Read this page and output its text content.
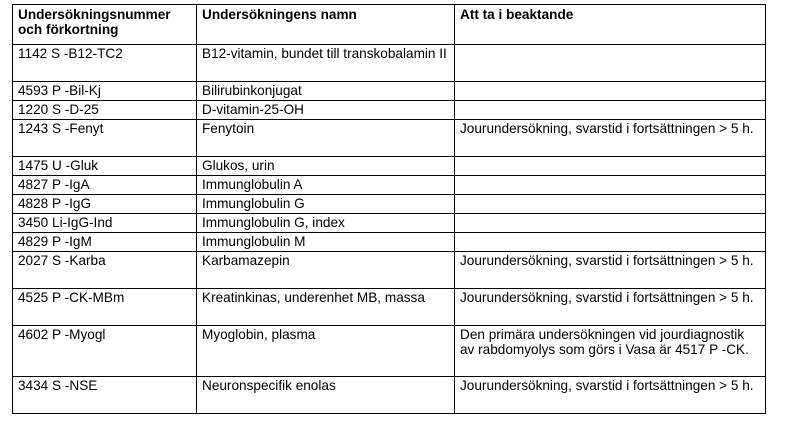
Undersökningsnummer och förkortning	Undersökningens namn	Att ta i beaktande
1142 S -B12-TC2	B12-vitamin, bundet till transkobalamin II	
4593 P -Bil-Kj	Bilirubinkonjugat	
1220 S -D-25	D-vitamin-25-OH	
1243 S -Fenyt	Fenytoin	Jourundersökning, svarstid i fortsättningen > 5 h.
1475 U -Gluk	Glukos, urin	
4827 P -IgA	Immunglobulin A	
4828 P -IgG	Immunglobulin G	
3450 Li-IgG-Ind	Immunglobulin G, index	
4829 P -IgM	Immunglobulin M	
2027 S -Karba	Karbamazepin	Jourundersökning, svarstid i fortsättningen > 5 h.
4525 P -CK-MBm	Kreatinkinas, underenhet MB, massa	Jourundersökning, svarstid i fortsättningen > 5 h.
4602 P -Myogl	Myoglobin, plasma	Den primära undersökningen vid jourdiagnostik av rabdomyolys som görs i Vasa är 4517 P -CK.
3434 S -NSE	Neuronspecifik enolas	Jourundersökning, svarstid i fortsättningen > 5 h.
